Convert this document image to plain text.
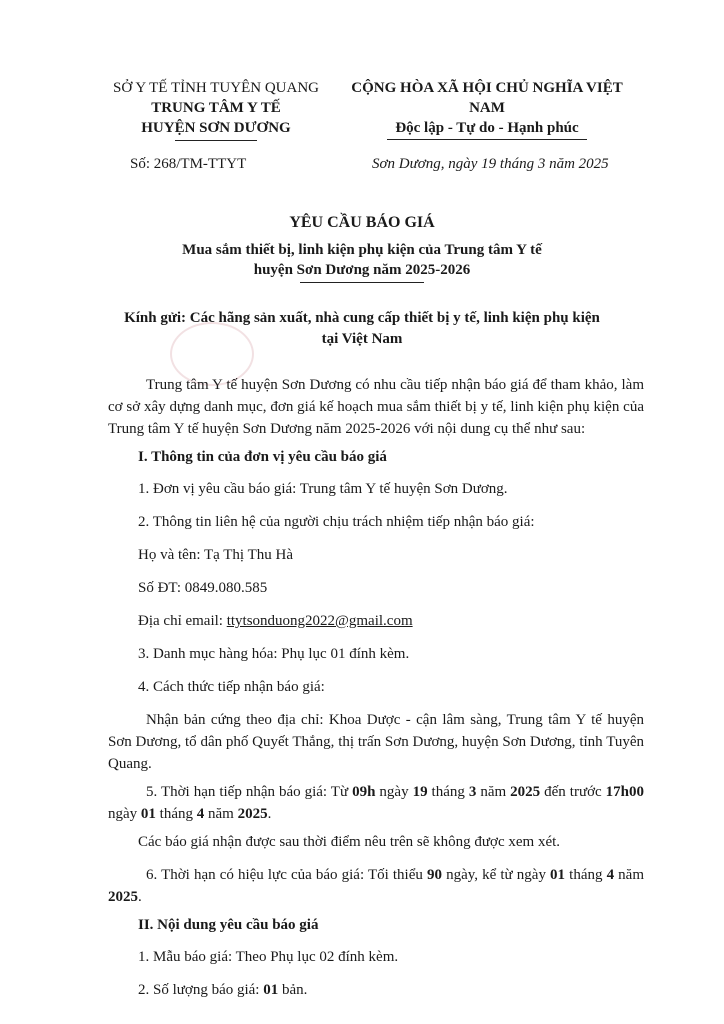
SỞ Y TẾ TỈNH TUYÊN QUANG
TRUNG TÂM Y TẾ
HUYỆN SƠN DƯƠNG
CỘNG HÒA XÃ HỘI CHỦ NGHĨA VIỆT NAM
Độc lập - Tự do - Hạnh phúc
Số: 268/TM-TTYT	Sơn Dương, ngày 19 tháng 3 năm 2025
YÊU CẦU BÁO GIÁ
Mua sắm thiết bị, linh kiện phụ kiện của Trung tâm Y tế
huyện Sơn Dương năm 2025-2026
Kính gửi: Các hãng sản xuất, nhà cung cấp thiết bị y tế, linh kiện phụ kiện
tại Việt Nam

Trung tâm Y tế huyện Sơn Dương có nhu cầu tiếp nhận báo giá để tham khảo, làm cơ sở xây dựng danh mục, đơn giá kế hoạch mua sắm thiết bị y tế, linh kiện phụ kiện của Trung tâm Y tế huyện Sơn Dương năm 2025-2026 với nội dung cụ thể như sau:

I. Thông tin của đơn vị yêu cầu báo giá
1. Đơn vị yêu cầu báo giá: Trung tâm Y tế huyện Sơn Dương.
2. Thông tin liên hệ của người chịu trách nhiệm tiếp nhận báo giá:
Họ và tên: Tạ Thị Thu Hà
Số ĐT: 0849.080.585
Địa chỉ email: ttytsonduong2022@gmail.com
3. Danh mục hàng hóa: Phụ lục 01 đính kèm.
4. Cách thức tiếp nhận báo giá:

Nhận bản cứng theo địa chỉ: Khoa Dược - cận lâm sàng, Trung tâm Y tế huyện Sơn Dương, tổ dân phố Quyết Thắng, thị trấn Sơn Dương, huyện Sơn Dương, tỉnh Tuyên Quang.

5. Thời hạn tiếp nhận báo giá: Từ 09h ngày 19 tháng 3 năm 2025 đến trước 17h00 ngày 01 tháng 4 năm 2025.

Các báo giá nhận được sau thời điểm nêu trên sẽ không được xem xét.

6. Thời hạn có hiệu lực của báo giá: Tối thiểu 90 ngày, kể từ ngày 01 tháng 4 năm 2025.

II. Nội dung yêu cầu báo giá
1. Mẫu báo giá: Theo Phụ lục 02 đính kèm.
2. Số lượng báo giá: 01 bản.
